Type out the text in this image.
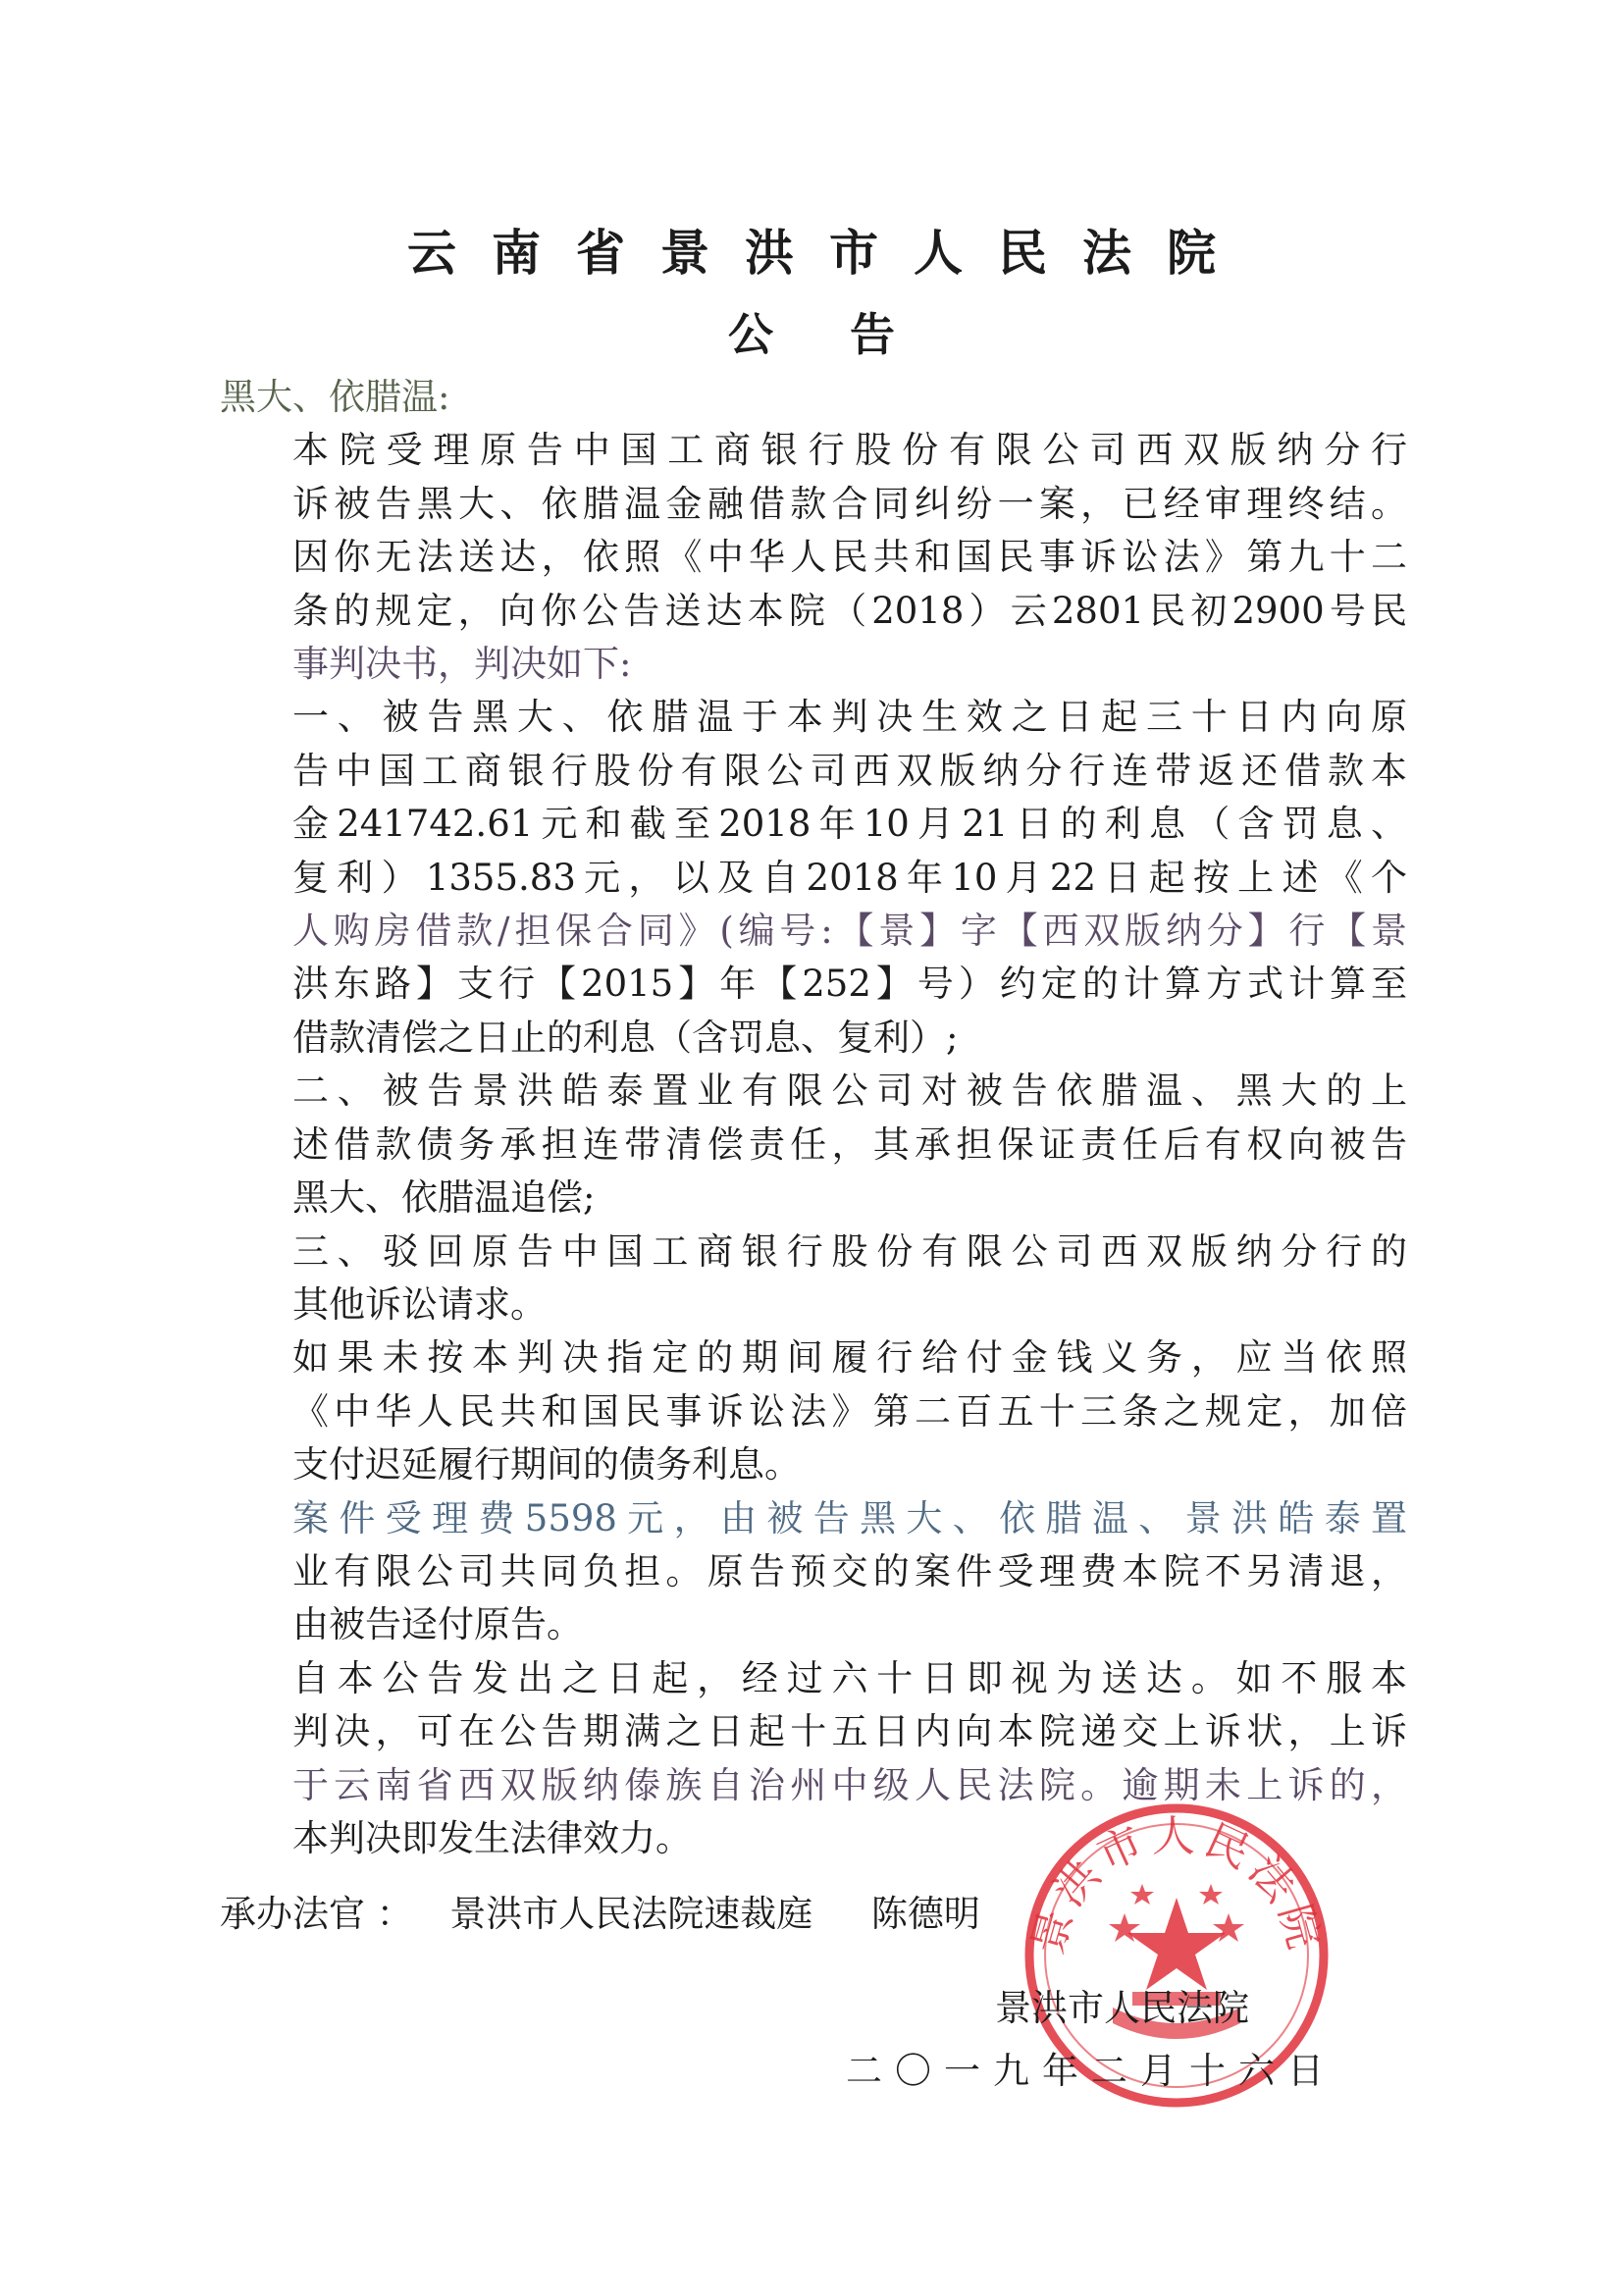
云南省景洪市人民法院
公告

黑大、依腊温:

本院受理原告中国工商银行股份有限公司西双版纳分行
诉被告黑大、依腊温金融借款合同纠纷一案，已经审理终结。
因你无法送达，依照《中华人民共和国民事诉讼法》第九十二
条的规定，向你公告送达本院（2018）云2801民初2900号民
事判决书，判决如下:

一、被告黑大、依腊温于本判决生效之日起三十日内向原
告中国工商银行股份有限公司西双版纳分行连带返还借款本
金241742.61元和截至2018年10月21日的利息（含罚息、
复利）1355.83元，以及自2018年10月22日起按上述《个
人购房借款/担保合同》(编号:【景】字【西双版纳分】行【景
洪东路】支行【2015】年【252】号）约定的计算方式计算至
借款清偿之日止的利息（含罚息、复利）;

二、被告景洪皓泰置业有限公司对被告依腊温、黑大的上
述借款债务承担连带清偿责任，其承担保证责任后有权向被告
黑大、依腊温追偿;

三、驳回原告中国工商银行股份有限公司西双版纳分行的
其他诉讼请求。

如果未按本判决指定的期间履行给付金钱义务，应当依照
《中华人民共和国民事诉讼法》第二百五十三条之规定，加倍
支付迟延履行期间的债务利息。

案件受理费5598元，由被告黑大、依腊温、景洪皓泰置
业有限公司共同负担。原告预交的案件受理费本院不另清退，
由被告迳付原告。

自本公告发出之日起，经过六十日即视为送达。如不服本
判决，可在公告期满之日起十五日内向本院递交上诉状，上诉
于云南省西双版纳傣族自治州中级人民法院。逾期未上诉的，
本判决即发生法律效力。

承办法官 ： 景洪市人民法院速裁庭 陈德明 景洪市人民法院
景洪市人民法院
二〇一九年二月十六日
